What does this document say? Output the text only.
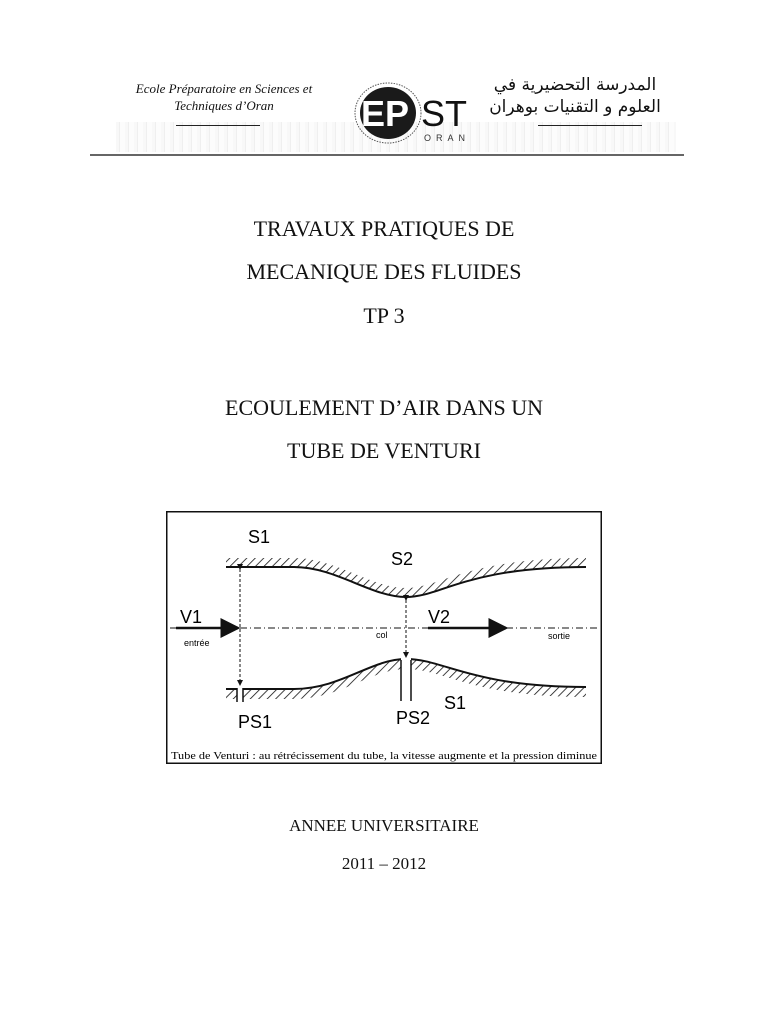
Ecole Préparatoire en Sciences et
Techniques d’Oran	EP ST
ORAN
المدرسة التحضيرية في
العلوم و التقنيات بوهران
TRAVAUX PRATIQUES DE
MECANIQUE DES FLUIDES
TP 3
ECOULEMENT D’AIR DANS UN
TUBE DE VENTURI
S1
S2
V1	V2
entrée
col	sortie
PS1	PS2
S1
Tube de Venturi : au rétrécissement du tube, la vitesse augmente et la pression diminue
ANNEE UNIVERSITAIRE
2011 – 2012
